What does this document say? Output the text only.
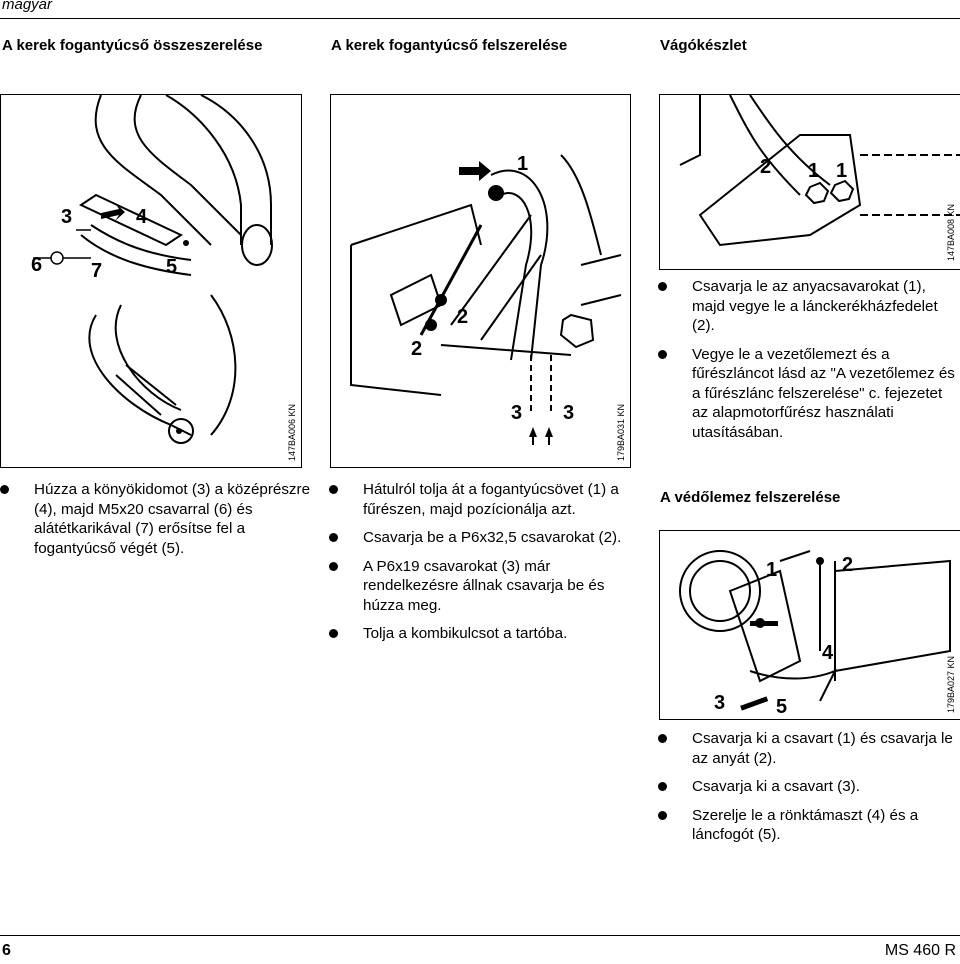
magyar
A kerek fogantyúcső összeszerelése	A kerek fogantyúcső felszerelése	Vágókészlet
3	4
6 7	5
147BA006 KN
1
2
2
3 3	179BA031 KN
2 1 1
147BA008 KN
Húzza a könyökidomot (3) a középrészre (4), majd M5x20 csavarral (6) és alátétkarikával (7) erősítse fel a fogantyúcső végét (5).
Hátulról tolja át a fogantyúcsövet (1) a fűrészen, majd pozícionálja azt.
Csavarja be a P6x32,5 csavarokat (2).
A P6x19 csavarokat (3) már rendelkezésre állnak csavarja be és húzza meg.
Tolja a kombikulcsot a tartóba.
Csavarja le az anyacsavarokat (1), majd vegye le a lánckerékházfedelet (2).
Vegye le a vezetőlemezt és a fűrészláncot lásd az "A vezetőlemez és a fűrészlánc felszerelése" c. fejezetet az alapmotorfűrész használati utasításában.
A védőlemez felszerelése
1	2
4
3	5	179BA027 KN
Csavarja ki a csavart (1) és csavarja le az anyát (2).
Csavarja ki a csavart (3).
Szerelje le a rönktámaszt (4) és a láncfogót (5).
6	MS 460 R
